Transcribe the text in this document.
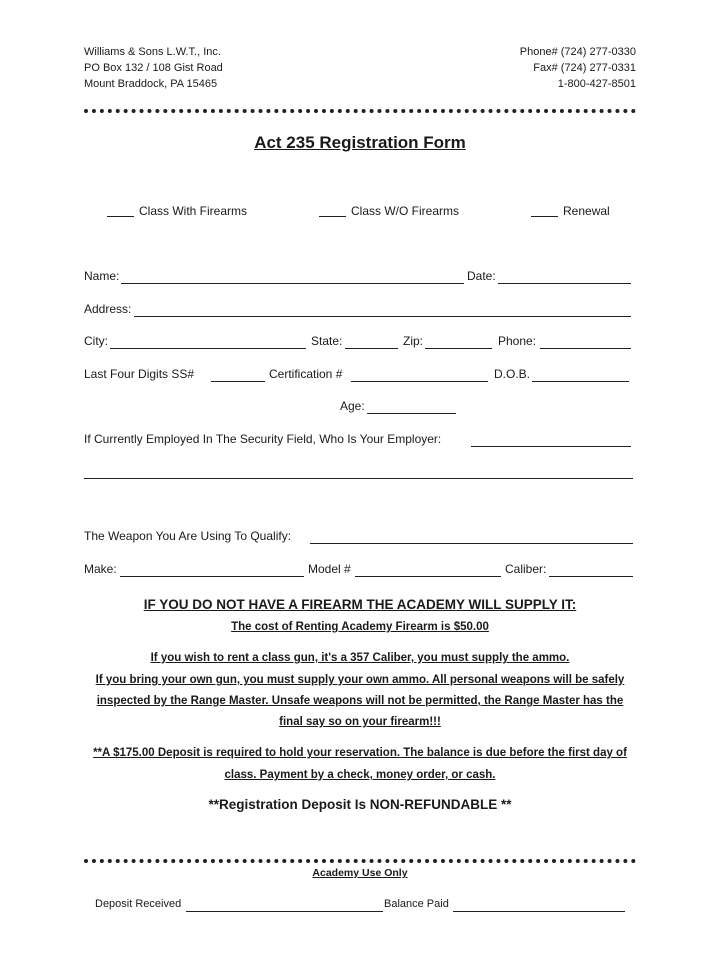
Williams & Sons L.W.T., Inc.
PO Box 132 / 108 Gist Road
Mount Braddock, PA 15465
Phone# (724) 277-0330
Fax# (724) 277-0331
1-800-427-8501
Act 235 Registration Form
Class With Firearms	Class W/O Firearms	Renewal
Name:	Date:
Address:
City:	State:	Zip:	Phone:
Last Four Digits SS#	Certification #	D.O.B.
Age:
If Currently Employed In The Security Field, Who Is Your Employer:
The Weapon You Are Using To Qualify:
Make:	Model #	Caliber:
IF YOU DO NOT HAVE A FIREARM THE ACADEMY WILL SUPPLY IT:
The cost of Renting Academy Firearm is $50.00
If you wish to rent a class gun, it's a 357 Caliber, you must supply the ammo.
If you bring your own gun, you must supply your own ammo. All personal weapons will be safely inspected by the Range Master. Unsafe weapons will not be permitted, the Range Master has the final say so on your firearm!!!
**A $175.00 Deposit is required to hold your reservation. The balance is due before the first day of class. Payment by a check, money order, or cash.
**Registration Deposit Is NON-REFUNDABLE **
Academy Use Only
Deposit Received	Balance Paid
